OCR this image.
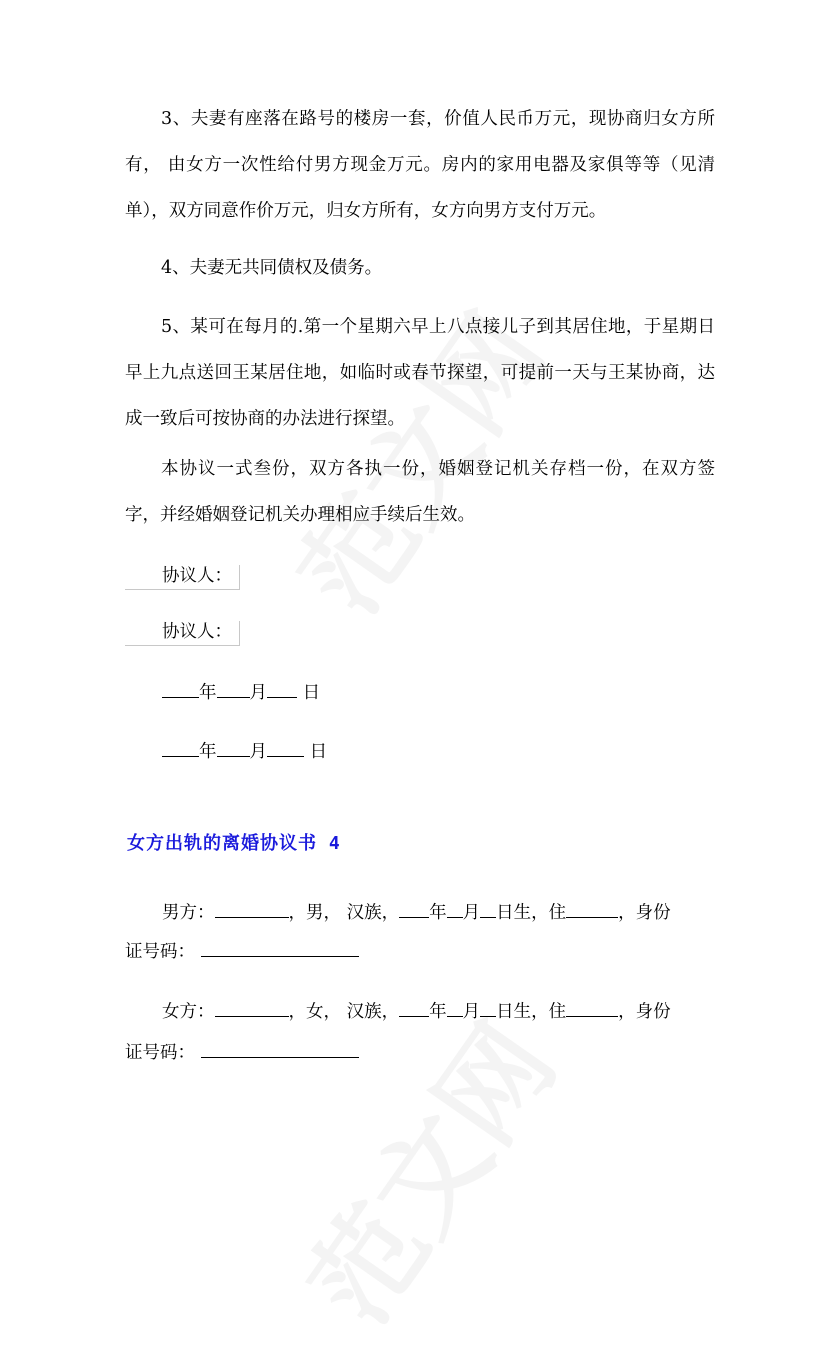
3、夫妻有座落在路号的楼房一套，价值人民币万元，现协商归女方所有， 由女方一次性给付男方现金万元。房内的家用电器及家俱等等（见清单），双方同意作价万元，归女方所有，女方向男方支付万元。

4、夫妻无共同债权及债务。

5、某可在每月的.第一个星期六早上八点接儿子到其居住地，于星期日早上九点送回王某居住地，如临时或春节探望，可提前一天与王某协商，达成一致后可按协商的办法进行探望。

本协议一式叁份，双方各执一份，婚姻登记机关存档一份，在双方签字，并经婚姻登记机关办理相应手续后生效。

协议人：
协议人：
年 月 日
年 月 日
女方出轨的离婚协议书 4
男方：	，男， 汉族， 年 月 日生，住	，身份
证号码：
女方：	，女， 汉族， 年 月 日生，住	，身份
证号码：
